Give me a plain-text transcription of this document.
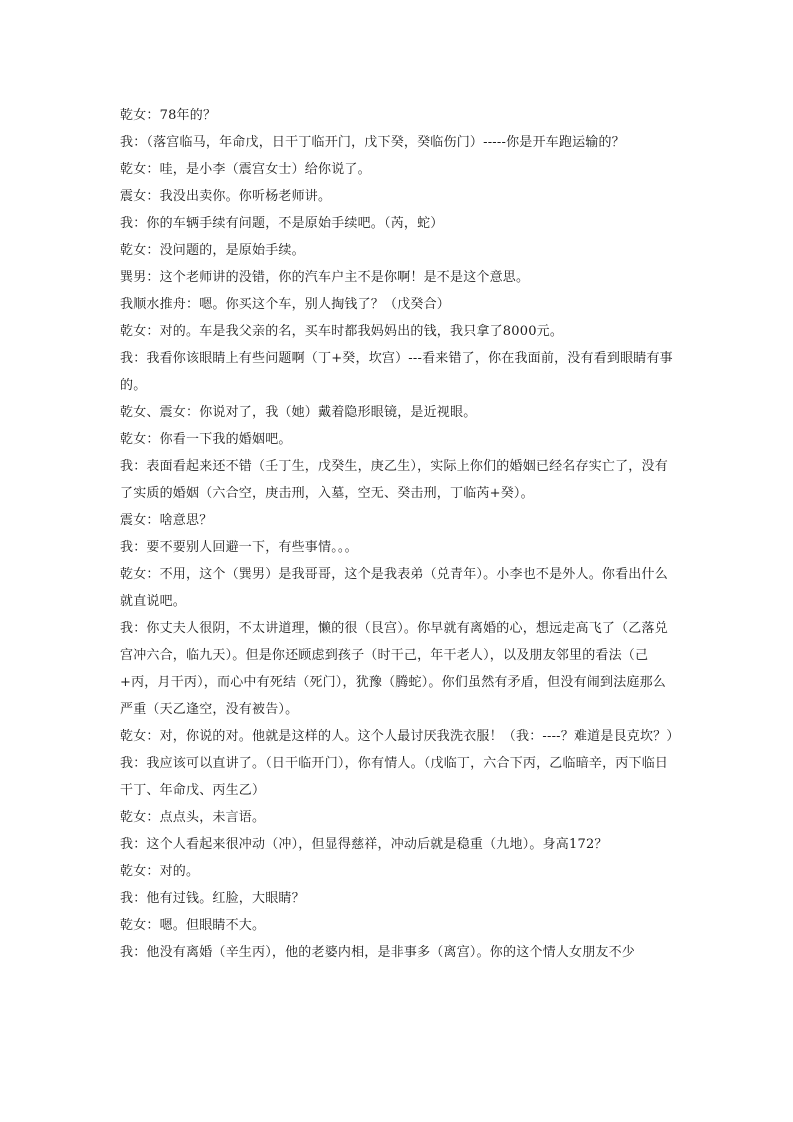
乾女：78年的？

我：（落宫临马，年命戊，日干丁临开门，戊下癸，癸临伤门）-----你是开车跑运输的？

乾女：哇，是小李（震宫女士）给你说了。

震女：我没出卖你。你听杨老师讲。

我：你的车辆手续有问题，不是原始手续吧。（芮，蛇）

乾女：没问题的，是原始手续。

巽男：这个老师讲的没错，你的汽车户主不是你啊！是不是这个意思。

我顺水推舟：嗯。你买这个车，别人掏钱了？（戊癸合）

乾女：对的。车是我父亲的名，买车时都我妈妈出的钱，我只拿了8000元。

我：我看你该眼睛上有些问题啊（丁+癸，坎宫）---看来错了，你在我面前，没有看到眼睛有事的。

乾女、震女：你说对了，我（她）戴着隐形眼镜，是近视眼。

乾女：你看一下我的婚姻吧。

我：表面看起来还不错（壬丁生，戊癸生，庚乙生），实际上你们的婚姻已经名存实亡了，没有了实质的婚姻（六合空，庚击刑，入墓，空无、癸击刑，丁临芮+癸）。

震女：啥意思？

我：要不要别人回避一下，有些事情。。。

乾女：不用，这个（巽男）是我哥哥，这个是我表弟（兑青年）。小李也不是外人。你看出什么就直说吧。

我：你丈夫人很阴，不太讲道理，懒的很（艮宫）。你早就有离婚的心，想远走高飞了（乙落兑宫冲六合，临九天）。但是你还顾虑到孩子（时干己，年干老人），以及朋友邻里的看法（己+丙，月干丙），而心中有死结（死门），犹豫（腾蛇）。你们虽然有矛盾，但没有闹到法庭那么严重（天乙逢空，没有被告）。

乾女：对，你说的对。他就是这样的人。这个人最讨厌我洗衣服！（我：----？难道是艮克坎？）

我：我应该可以直讲了。（日干临开门），你有情人。（戊临丁，六合下丙，乙临暗辛，丙下临日干丁、年命戊、丙生乙）

乾女：点点头，未言语。

我：这个人看起来很冲动（冲），但显得慈祥，冲动后就是稳重（九地）。身高172？

乾女：对的。

我：他有过钱。红脸，大眼睛？

乾女：嗯。但眼睛不大。

我：他没有离婚（辛生丙），他的老婆内相，是非事多（离宫）。你的这个情人女朋友不少
